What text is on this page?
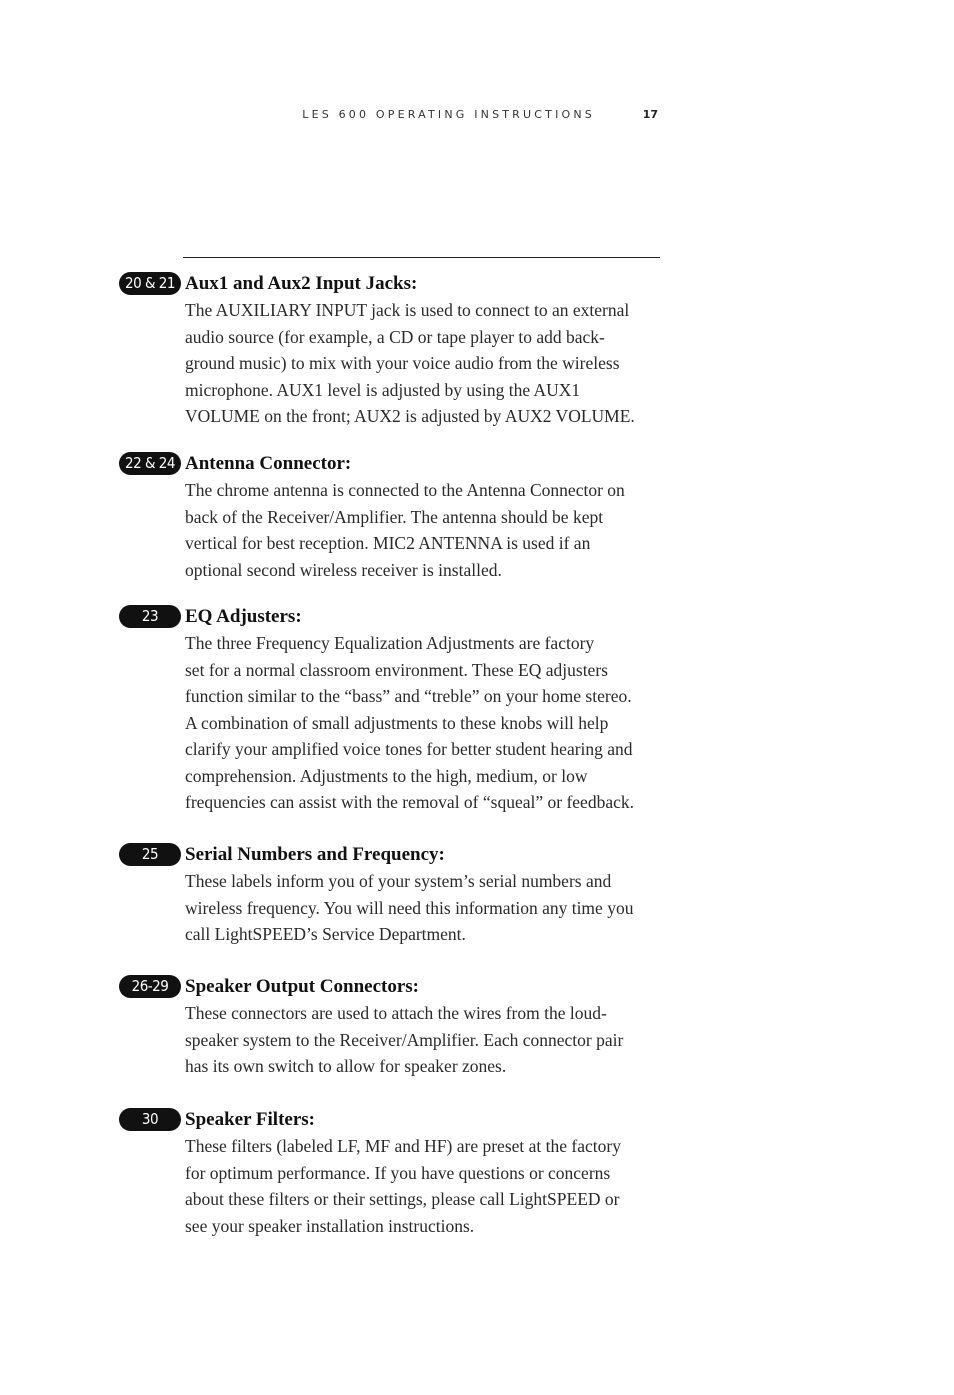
LES 600 OPERATING INSTRUCTIONS	17
20 & 21 Aux1 and Aux2 Input Jacks:

The AUXILIARY INPUT jack is used to connect to an external
audio source (for example, a CD or tape player to add back-
ground music) to mix with your voice audio from the wireless
microphone. AUX1 level is adjusted by using the AUX1
VOLUME on the front; AUX2 is adjusted by AUX2 VOLUME.

22 & 24 Antenna Connector:

The chrome antenna is connected to the Antenna Connector on
back of the Receiver/Amplifier. The antenna should be kept
vertical for best reception. MIC2 ANTENNA is used if an
optional second wireless receiver is installed.

23	EQ Adjusters:

The three Frequency Equalization Adjustments are factory
set for a normal classroom environment. These EQ adjusters
function similar to the “bass” and “treble” on your home stereo.
A combination of small adjustments to these knobs will help
clarify your amplified voice tones for better student hearing and
comprehension. Adjustments to the high, medium, or low
frequencies can assist with the removal of “squeal” or feedback.

25	Serial Numbers and Frequency:

These labels inform you of your system’s serial numbers and
wireless frequency. You will need this information any time you
call LightSPEED’s Service Department.

26-29 Speaker Output Connectors:

These connectors are used to attach the wires from the loud-
speaker system to the Receiver/Amplifier. Each connector pair
has its own switch to allow for speaker zones.

30	Speaker Filters:

These filters (labeled LF, MF and HF) are preset at the factory
for optimum performance. If you have questions or concerns
about these filters or their settings, please call LightSPEED or
see your speaker installation instructions.
